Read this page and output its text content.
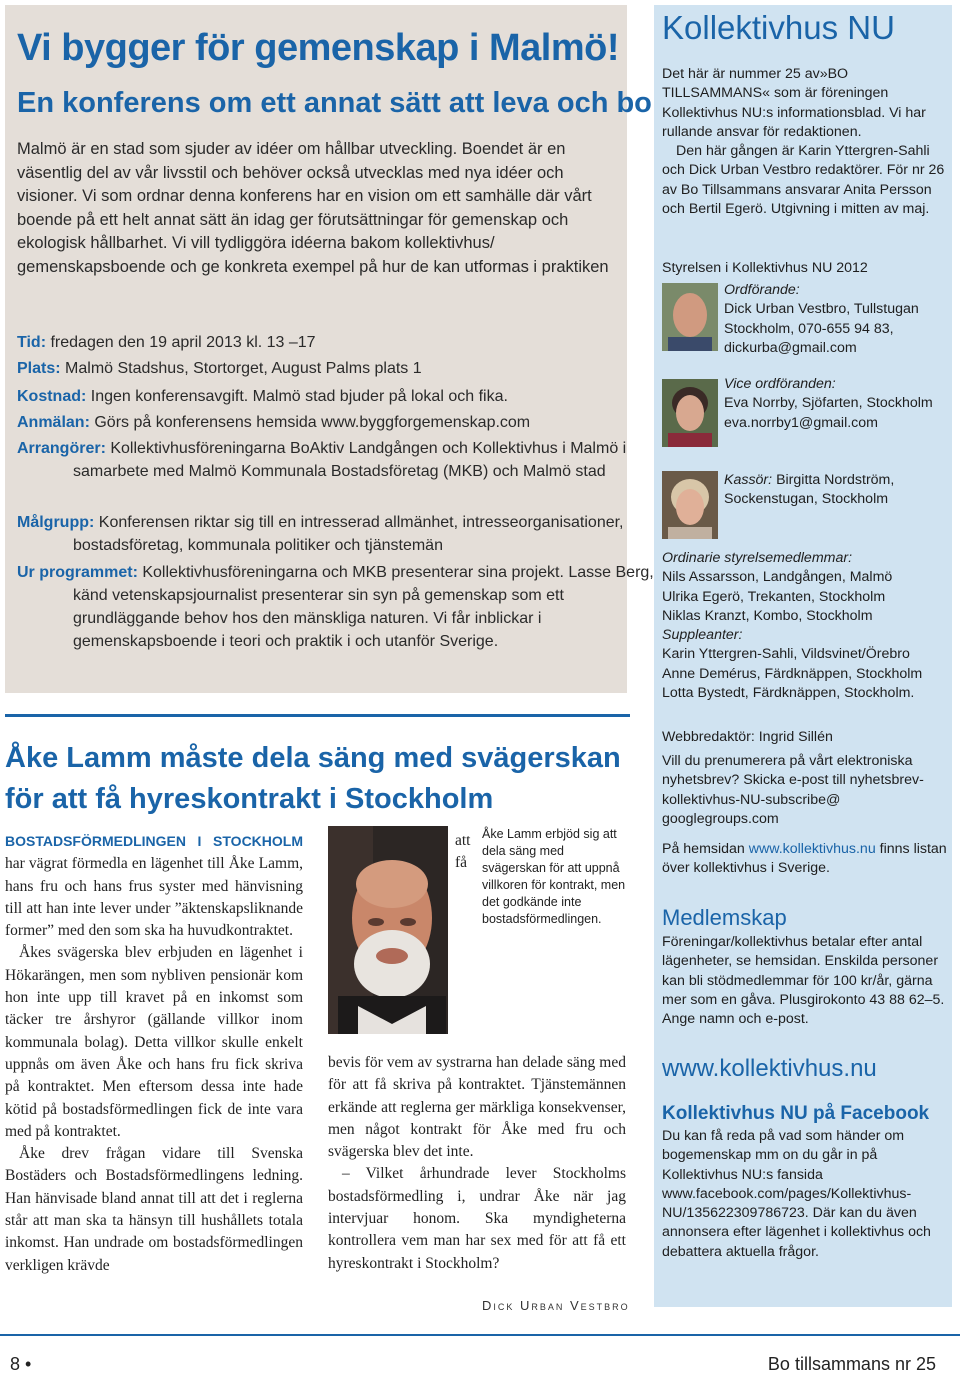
Vi bygger för gemenskap i Malmö!
En konferens om ett annat sätt att leva och bo

Malmö är en stad som sjuder av idéer om hållbar utveckling. Boendet är en väsentlig del av vår livsstil och behöver också utvecklas med nya idéer och visioner. Vi som ordnar denna konferens har en vision om ett samhälle där vårt boende på ett helt annat sätt än idag ger förutsättningar för gemenskap och ekologisk hållbarhet. Vi vill tydliggöra idéerna bakom kollektivhus/ gemenskapsboende och ge konkreta exempel på hur de kan utformas i praktiken

Tid: fredagen den 19 april 2013 kl. 13 –17
Plats: Malmö Stadshus, Stortorget, August Palms plats 1
Kostnad: Ingen konferensavgift. Malmö stad bjuder på lokal och fika.
Anmälan: Görs på konferensens hemsida www.byggforgemenskap.com
Arrangörer: Kollektivhusföreningarna BoAktiv Landgången och Kollektivhus i Malmö i samarbete med Malmö Kommunala Bostadsföretag (MKB) och Malmö stad
Målgrupp: Konferensen riktar sig till en intresserad allmänhet, intresseorganisationer, bostadsföretag, kommunala politiker och tjänstemän
Ur programmet: Kollektivhusföreningarna och MKB presenterar sina projekt. Lasse Berg, känd vetenskapsjournalist presenterar sin syn på gemenskap som ett grundläggande behov hos den mänskliga naturen. Vi får inblickar i gemenskapsboende i teori och praktik i och utanför Sverige.
Åke Lamm måste dela säng med svägerskan för att få hyreskontrakt i Stockholm

BOSTADSFÖRMEDLINGEN I STOCKHOLM har vägrat förmedla en lägenhet till Åke Lamm, hans fru och hans frus syster med hänvisning till att han inte lever under ”äktenskapsliknande former” med den som ska ha huvudkontraktet.

Åkes svägerska blev erbjuden en lägenhet i Hökarängen, men som nybliven pensionär kom hon inte upp till kravet på en inkomst som täcker tre årshyror (gällande villkor inom kommunala bolag). Detta villkor skulle enkelt uppnås om även Åke och hans fru fick skriva på kontraktet. Men eftersom dessa inte hade kötid på bostadsförmedlingen fick de inte vara med på kontraktet.

Åke drev frågan vidare till Svenska Bostäders och Bostadsförmedlingens ledning. Han hänvisade bland annat till att det i reglerna står att man ska ta hänsyn till hushållets totala inkomst. Han undrade om bostadsförmedlingen verkligen krävde

att
få
Åke Lamm erbjöd sig att dela säng med svägerskan för att uppnå villkoren för kontrakt, men det godkände inte bostadsförmedlingen.

bevis för vem av systrarna han delade säng med för att få skriva på kontraktet. Tjänstemännen erkände att reglerna ger märkliga konsekvenser, men något kontrakt för Åke med fru och svägerska blev det inte.

– Vilket århundrade lever Stockholms bostadsförmedling i, undrar Åke när jag intervjuar honom. Ska myndigheterna kontrollera vem man har sex med för att få ett hyreskontrakt i Stockholm?

Dick Urban Vestbro
Kollektivhus NU

Det här är nummer 25 av»BO TILLSAMMANS« som är föreningen Kollektivhus NU:s informationsblad. Vi har rullande ansvar för redaktionen.

Den här gången är Karin Yttergren-Sahli och Dick Urban Vestbro redaktörer. För nr 26 av Bo Tillsammans ansvarar Anita Persson och Bertil Egerö. Utgivning i mitten av maj.

Styrelsen i Kollektivhus NU 2012

Ordförande:
Dick Urban Vestbro, Tullstugan Stockholm, 070-655 94 83, dickurba@gmail.com

Vice ordföranden:
Eva Norrby, Sjöfarten, Stockholm eva.norrby1@gmail.com

Kassör: Birgitta Nordström, Sockenstugan, Stockholm

Ordinarie styrelsemedlemmar:
Nils Assarsson, Landgången, Malmö
Ulrika Egerö, Trekanten, Stockholm
Niklas Kranzt, Kombo, Stockholm
Suppleanter:
Karin Yttergren-Sahli, Vildsvinet/Örebro
Anne Demérus, Färdknäppen, Stockholm
Lotta Bystedt, Färdknäppen, Stockholm.

Webbredaktör: Ingrid Sillén

Vill du prenumerera på vårt elektroniska nyhetsbrev? Skicka e-post till nyhetsbrev-kollektivhus-NU-subscribe@ googlegroups.com

På hemsidan www.kollektivhus.nu finns listan över kollektivhus i Sverige.

Medlemskap

Föreningar/kollektivhus betalar efter antal lägenheter, se hemsidan. Enskilda personer kan bli stödmedlemmar för 100 kr/år, gärna mer som en gåva. Plusgirokonto 43 88 62–5. Ange namn och e-post.

www.kollektivhus.nu
Kollektivhus NU på Facebook

Du kan få reda på vad som händer om bogemenskap mm on du går in på Kollektivhus NU:s fansida www.facebook.com/pages/Kollektivhus-NU/135622309786723. Där kan du även annonsera efter lägenhet i kollektivhus och debattera aktuella frågor.

8 •	Bo tillsammans nr 25
